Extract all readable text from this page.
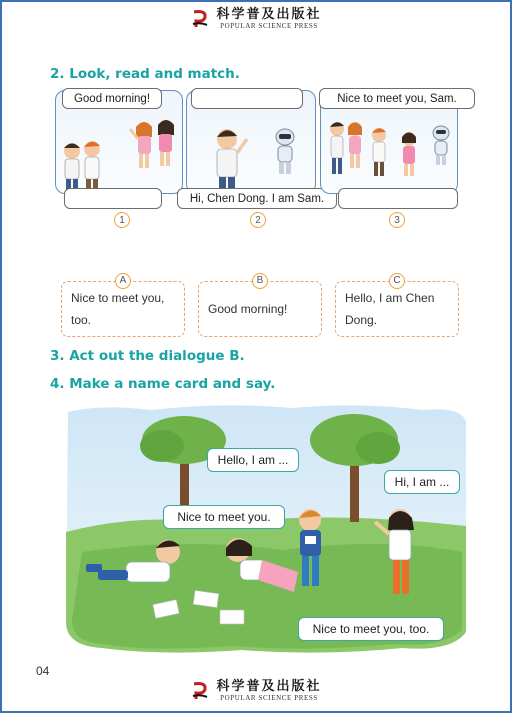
科学普及出版社
POPULAR SCIENCE PRESS
2. Look, read and match.
Good morning!
Hi, Chen Dong. I am Sam.
Nice to meet you, Sam.
1	2	3
A
Nice to meet you,
too.
B
Good morning!
C
Hello, I am Chen
Dong.
3. Act out the dialogue B.
4. Make a name card and say.
Hello, I am ...
Hi, I am ...
Nice to meet you.
Nice to meet you, too.
04
科学普及出版社
POPULAR SCIENCE PRESS
